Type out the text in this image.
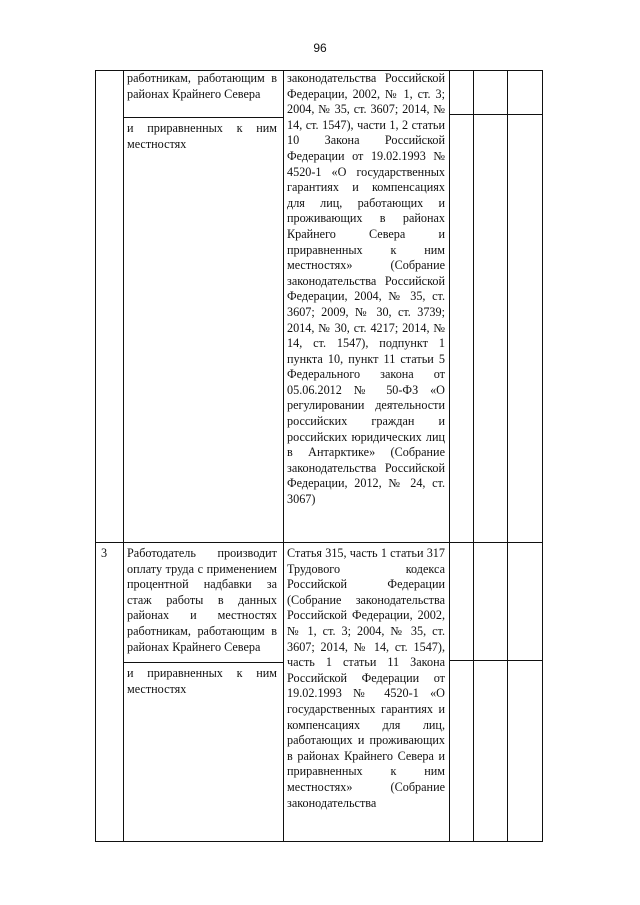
96
работникам, работающим в районах Крайнего Севера
и приравненных к ним местностях
законодательства Российской Федерации, 2002, № 1, ст. 3; 2004, № 35, ст. 3607; 2014, № 14, ст. 1547), части 1, 2 статьи 10 Закона Российской Федерации от 19.02.1993 № 4520-1 «О государственных гарантиях и компенсациях для лиц, работающих и проживающих в районах Крайнего Севера и приравненных к ним местностях» (Собрание законодательства Российской Федерации, 2004, № 35, ст. 3607; 2009, № 30, ст. 3739; 2014, № 30, ст. 4217; 2014, № 14, ст. 1547), подпункт 1 пункта 10, пункт 11 статьи 5 Федерального закона от 05.06.2012 № 50-ФЗ «О регулировании деятельности российских граждан и российских юридических лиц в Антарктике» (Собрание законодательства Российской Федерации, 2012, № 24, ст. 3067)
3	Работодатель производит оплату труда с применением процентной надбавки за стаж работы в данных районах и местностях работникам, работающим в районах Крайнего Севера
и приравненных к ним местностях
Статья 315, часть 1 статьи 317 Трудового кодекса Российской Федерации (Собрание законодательства Российской Федерации, 2002, № 1, ст. 3; 2004, № 35, ст. 3607; 2014, № 14, ст. 1547), часть 1 статьи 11 Закона Российской Федерации от 19.02.1993 № 4520-1 «О государственных гарантиях и компенсациях для лиц, работающих и проживающих в районах Крайнего Севера и приравненных к ним местностях» (Собрание законодательства
